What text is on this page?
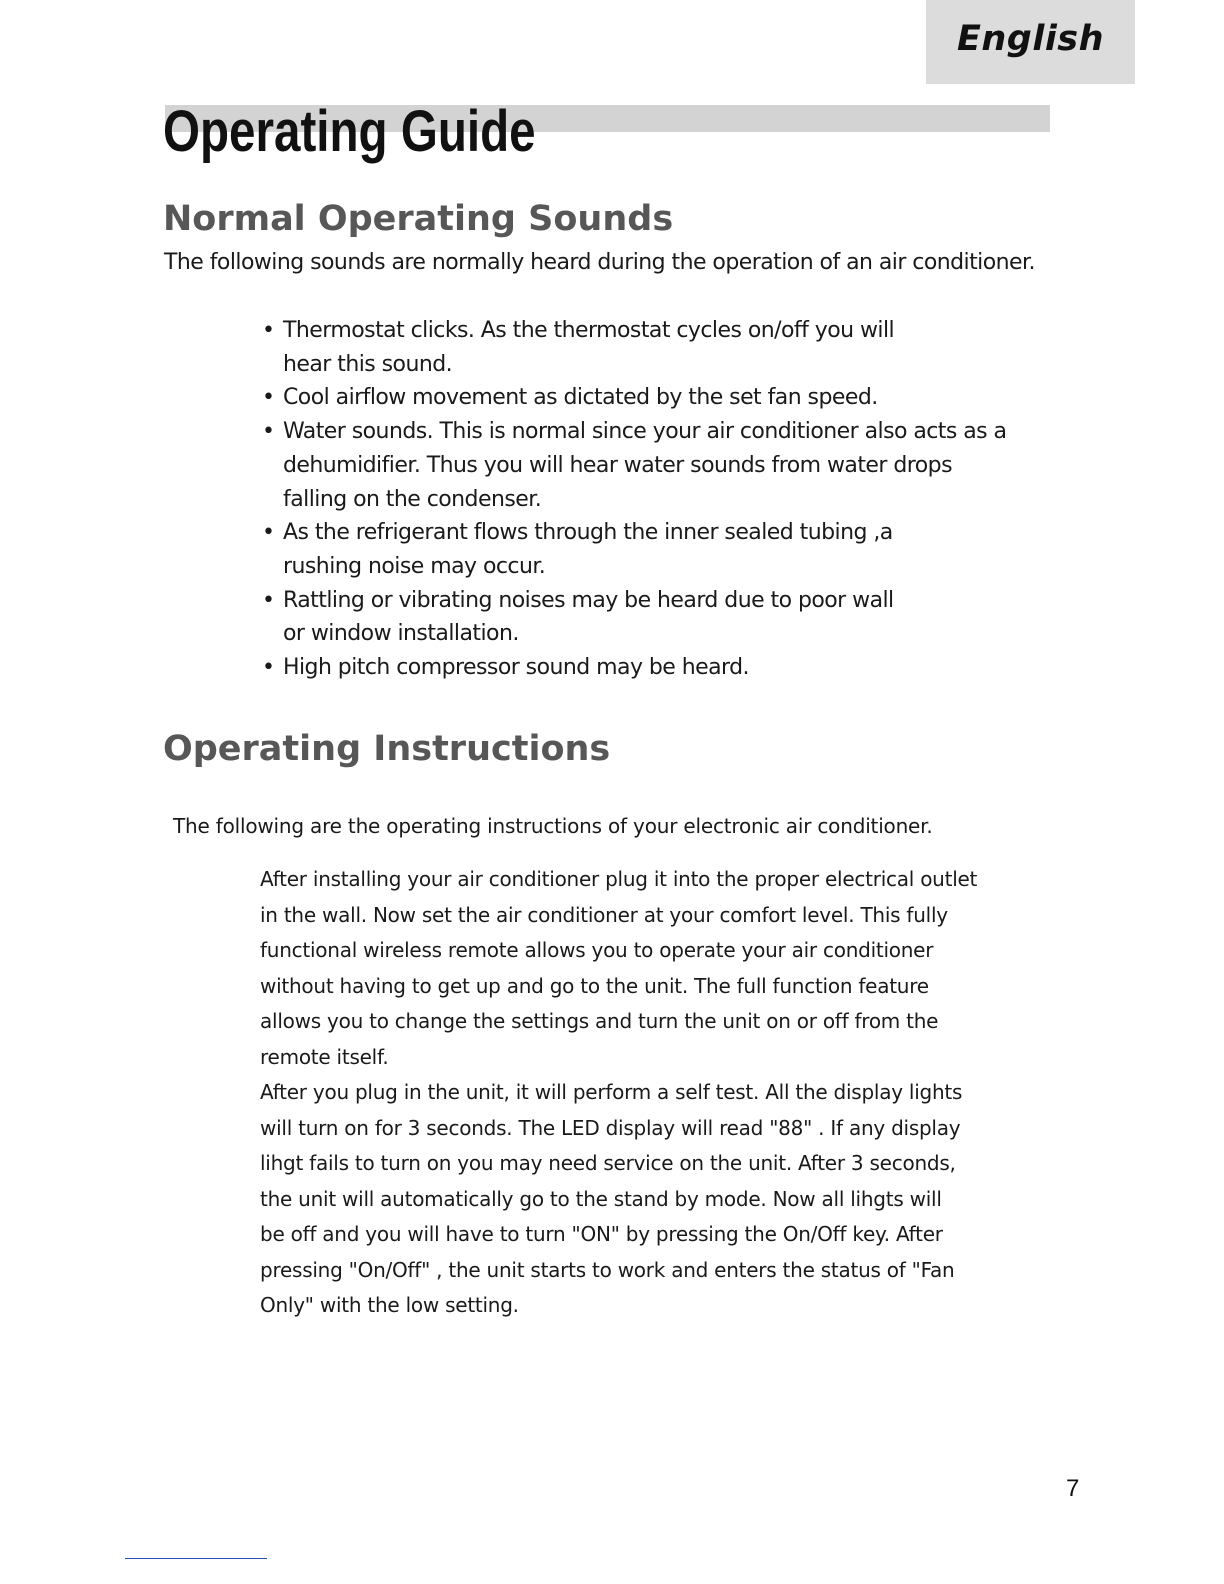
English
Operating Guide
Normal Operating Sounds

The following sounds are normally heard during the operation of an air conditioner.

• Thermostat clicks. As the thermostat cycles on/off you will
hear this sound.
• Cool airflow movement as dictated by the set fan speed.
• Water sounds. This is normal since your air conditioner also acts as a
dehumidifier. Thus you will hear water sounds from water drops
falling on the condenser.
• As the refrigerant flows through the inner sealed tubing ,a
rushing noise may occur.
• Rattling or vibrating noises may be heard due to poor wall
or window installation.
• High pitch compressor sound may be heard.
Operating Instructions

The following are the operating instructions of your electronic air conditioner.

After installing your air conditioner plug it into the proper electrical outlet
in the wall. Now set the air conditioner at your comfort level. This fully
functional wireless remote allows you to operate your air conditioner
without having to get up and go to the unit. The full function feature
allows you to change the settings and turn the unit on or off from the
remote itself.

After you plug in the unit, it will perform a self test. All the display lights
will turn on for 3 seconds. The LED display will read "88" . If any display
lihgt fails to turn on you may need service on the unit. After 3 seconds,
the unit will automatically go to the stand by mode. Now all lihgts will
be off and you will have to turn "ON" by pressing the On/Off key. After
pressing "On/Off" , the unit starts to work and enters the status of "Fan
Only" with the low setting.

7
